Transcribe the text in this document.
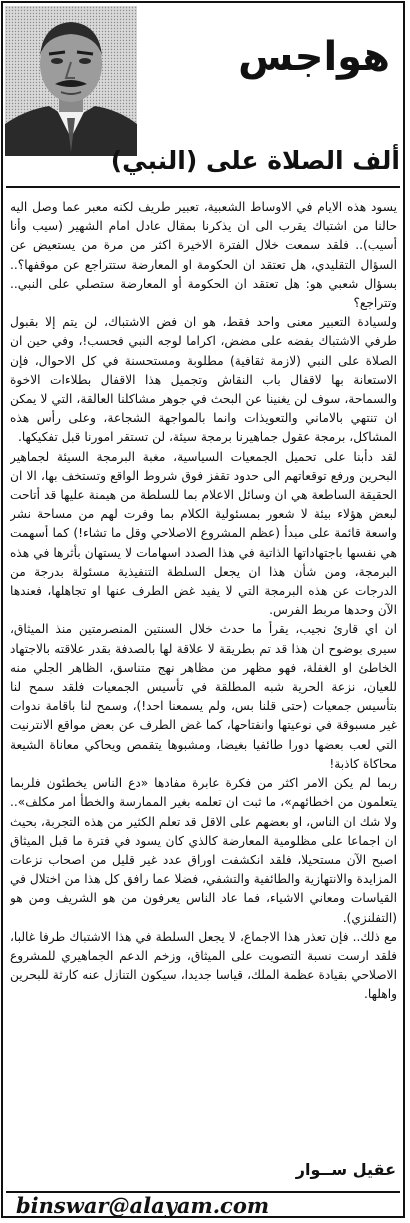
هواجس
ألف الصلاة على (النبي)

يسود هذه الايام في الاوساط الشعبية، تعبير طريف لكنه معبر عما وصل اليه حالنا من اشتباك يقرب الى ان يذكرنا بمقال عادل امام الشهير (سيب وأنا أسيب).. فلقد سمعت خلال الفترة الاخيرة اكثر من مرة من يستعيض عن السؤال التقليدي، هل تعتقد ان الحكومة او المعارضة ستتراجع عن موقفها؟.. بسؤال شعبي هو: هل تعتقد ان الحكومة أو المعارضة ستصلي على النبي.. وتتراجع؟

ولسيادة التعبير معنى واحد فقط، هو ان فض الاشتباك، لن يتم إلا بقبول طرفي الاشتباك بفضه على مضض، اكراما لوجه النبي فحسب!، وفي حين ان الصلاة على النبي (لازمة ثقافية) مطلوبة ومستحسنة في كل الاحوال، فإن الاستعانة بها لاقفال باب النقاش وتجميل هذا الاقفال بطلاءات الاخوة والسماحة، سوف لن يغنينا عن البحث في جوهر مشاكلنا العالقة، التي لا يمكن ان تنتهي بالاماني والتعويذات وانما بالمواجهة الشجاعة، وعلى رأس هذه المشاكل، برمجة عقول جماهيرنا برمجة سيئة، لن تستقر امورنا قبل تفكيكها.

لقد دأبنا على تحميل الجمعيات السياسية، مغبة البرمجة السيئة لجماهير البحرين ورفع توقعاتهم الى حدود تقفز فوق شروط الواقع وتستخف بها، الا ان الحقيقة الساطعة هي ان وسائل الاعلام بما للسلطة من هيمنة عليها قد أتاحت لبعض هؤلاء بيئة لا شعور بمسئولية الكلام بما وفرت لهم من مساحة نشر واسعة قائمة على مبدأ (عظم المشروع الاصلاحي وقل ما تشاء!) كما أسهمت هي نفسها باجتهاداتها الذاتية في هذا الصدد اسهامات لا يستهان بأثرها في هذه البرمجة، ومن شأن هذا ان يجعل السلطة التنفيذية مسئولة بدرجة من الدرجات عن هذه البرمجة التي لا يفيد غض الطرف عنها او تجاهلها، فعندها الآن وحدها مربط الفرس.

ان اي قارئ نجيب، يقرأ ما حدث خلال السنتين المنصرمتين منذ الميثاق، سيرى بوضوح ان هذا قد تم بطريقة لا علاقة لها بالصدفة بقدر علاقته بالاجتهاد الخاطئ او الغفلة، فهو مظهر من مظاهر نهج متناسق، الظاهر الجلي منه للعيان، نزعة الحرية شبه المطلقة في تأسيس الجمعيات فلقد سمح لنا بتأسيس جمعيات (حتى قلنا بس، ولم يسمعنا احد!)، وسمح لنا باقامة ندوات غير مسبوقة في نوعيتها وانفتاحها، كما غض الطرف عن بعض مواقع الانترنيت التي لعب بعضها دورا طائفيا بغيضا، ومشبوها يتقمص ويحاكي معاناة الشيعة محاكاة كاذبة!

ربما لم يكن الامر اكثر من فكرة عابرة مفادها «دع الناس يخطئون فلربما يتعلمون من اخطائهم»، ما ثبت ان تعلمه بغير الممارسة والخطأ امر مكلف».. ولا شك ان الناس، او بعضهم على الاقل قد تعلم الكثير من هذه التجربة، بحيث ان اجماعا على مظلومية المعارضة كالذي كان يسود في فترة ما قبل الميثاق اصبح الآن مستحيلا، فلقد انكشفت اوراق عدد غير قليل من اصحاب نزعات المزايدة والانتهازية والطائفية والتشفي، فضلا عما رافق كل هذا من اختلال في القياسات ومعاني الاشياء، فما عاد الناس يعرفون من هو الشريف ومن هو (التفلنزي).

مع ذلك.. فإن تعذر هذا الاجماع، لا يجعل السلطة في هذا الاشتباك طرفا غالبا، فلقد ارست نسبة التصويت على الميثاق، وزخم الدعم الجماهيري للمشروع الاصلاحي بقيادة عظمة الملك، قياسا جديدا، سيكون التنازل عنه كارثة للبحرين واهلها.

عقيل ســوار
binswar@alayam.com
